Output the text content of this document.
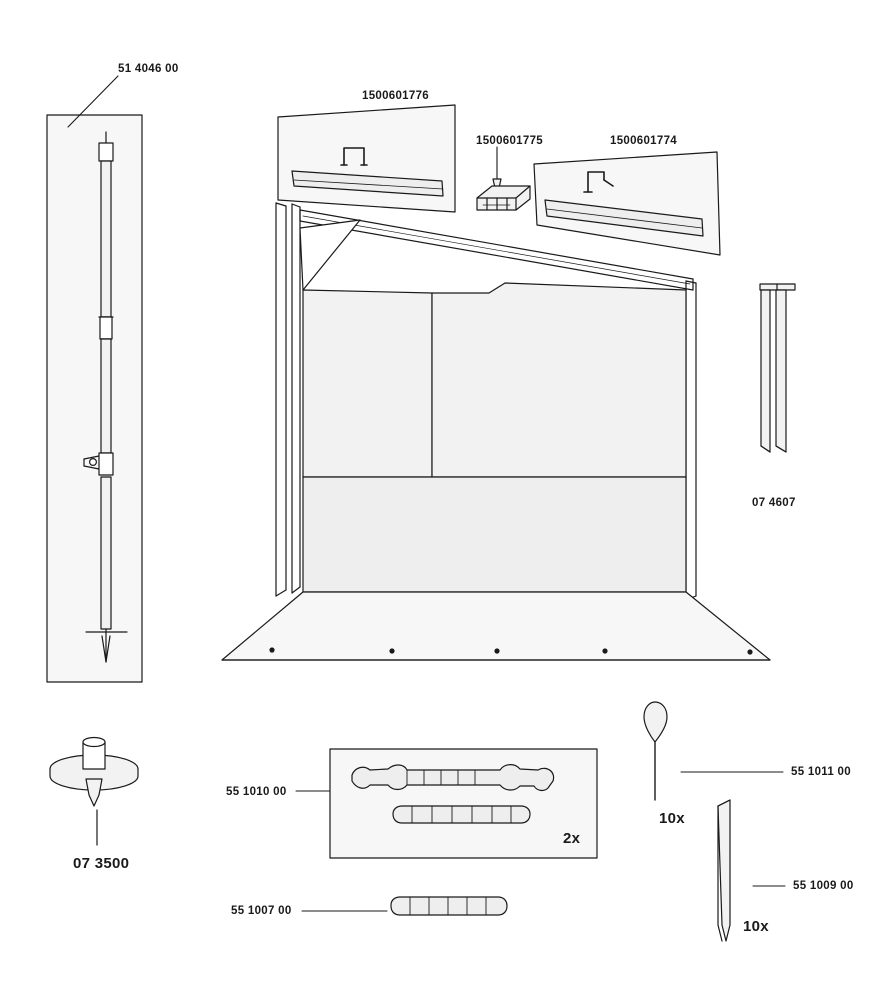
51 4046 00
1500601776
1500601775	1500601774
07 4607
07 3500
55 1010 00
55 1007 00
55 1011 00
55 1009 00
2x
10x
10x
